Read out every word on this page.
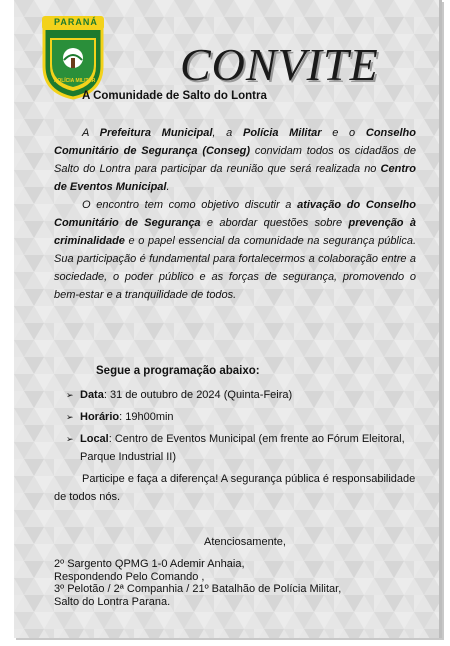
PARANÁ
POLÍCIA MILITAR CONVITE
A Comunidade de Salto do Lontra

A Prefeitura Municipal, a Polícia Militar e o Conselho Comunitário de Segurança (Conseg) convidam todos os cidadãos de Salto do Lontra para participar da reunião que será realizada no Centro de Eventos Municipal.

O encontro tem como objetivo discutir a ativação do Conselho Comunitário de Segurança e abordar questões sobre prevenção à criminalidade e o papel essencial da comunidade na segurança pública. Sua participação é fundamental para fortalecermos a colaboração entre a sociedade, o poder público e as forças de segurança, promovendo o bem-estar e a tranquilidade de todos.

Segue a programação abaixo:
➢ Data: 31 de outubro de 2024 (Quinta-Feira)
➢ Horário: 19h00min
➢ Local: Centro de Eventos Municipal (em frente ao Fórum Eleitoral, Parque Industrial II)

Participe e faça a diferença! A segurança pública é responsabilidade de todos nós.

Atenciosamente,
2º Sargento QPMG 1-0 Ademir Anhaia,
Respondendo Pelo Comando ,
3º Pelotão / 2ª Companhia / 21º Batalhão de Polícia Militar,
Salto do Lontra Parana.
